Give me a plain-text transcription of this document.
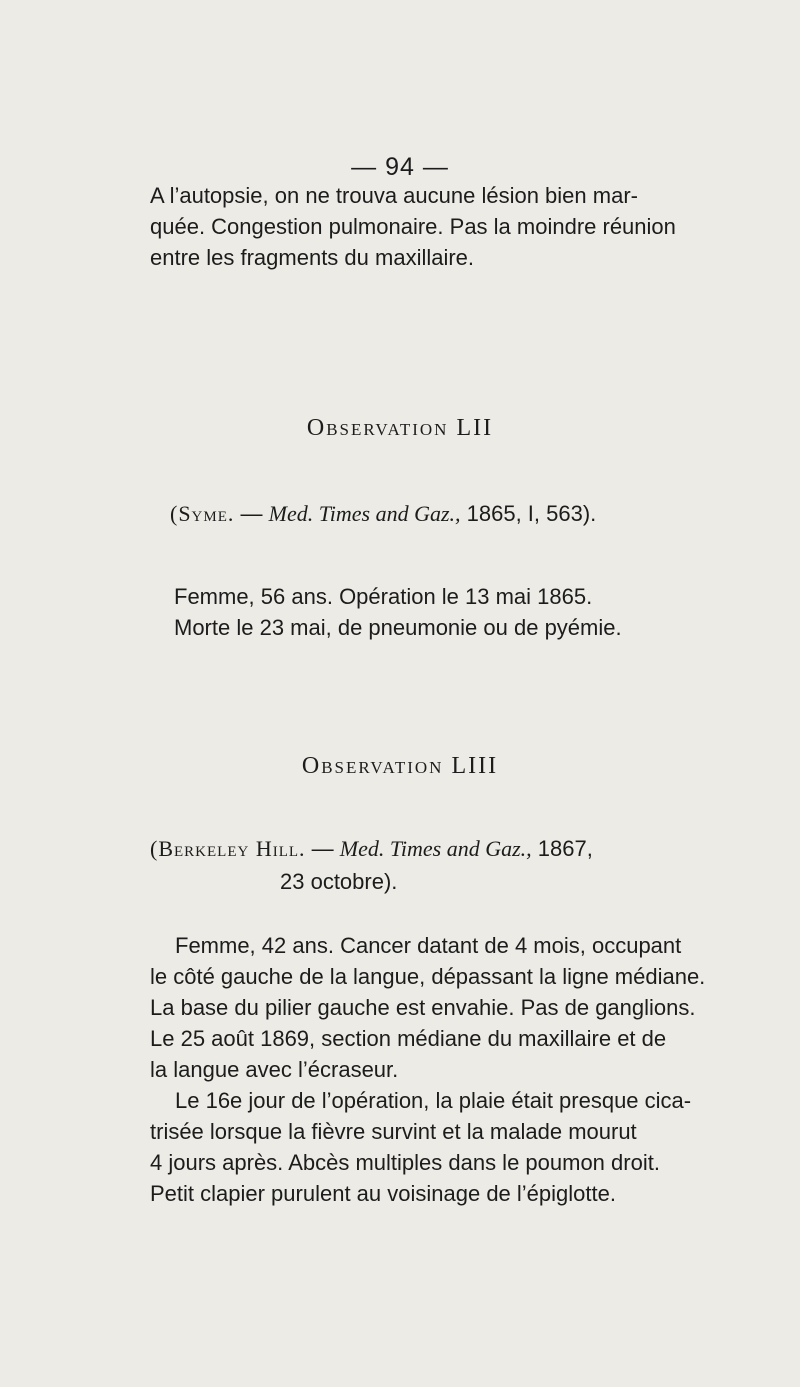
— 94 —
A l’autopsie, on ne trouva aucune lésion bien mar-
quée. Congestion pulmonaire. Pas la moindre réunion
entre les fragments du maxillaire.
Observation LII
(Syme. — Med. Times and Gaz., 1865, I, 563).
Femme, 56 ans. Opération le 13 mai 1865.
Morte le 23 mai, de pneumonie ou de pyémie.
Observation LIII
(Berkeley Hill. — Med. Times and Gaz., 1867,
23 octobre).
Femme, 42 ans. Cancer datant de 4 mois, occupant
le côté gauche de la langue, dépassant la ligne médiane.
La base du pilier gauche est envahie. Pas de ganglions.
Le 25 août 1869, section médiane du maxillaire et de
la langue avec l’écraseur.
Le 16e jour de l’opération, la plaie était presque cica-
trisée lorsque la fièvre survint et la malade mourut
4 jours après. Abcès multiples dans le poumon droit.
Petit clapier purulent au voisinage de l’épiglotte.
